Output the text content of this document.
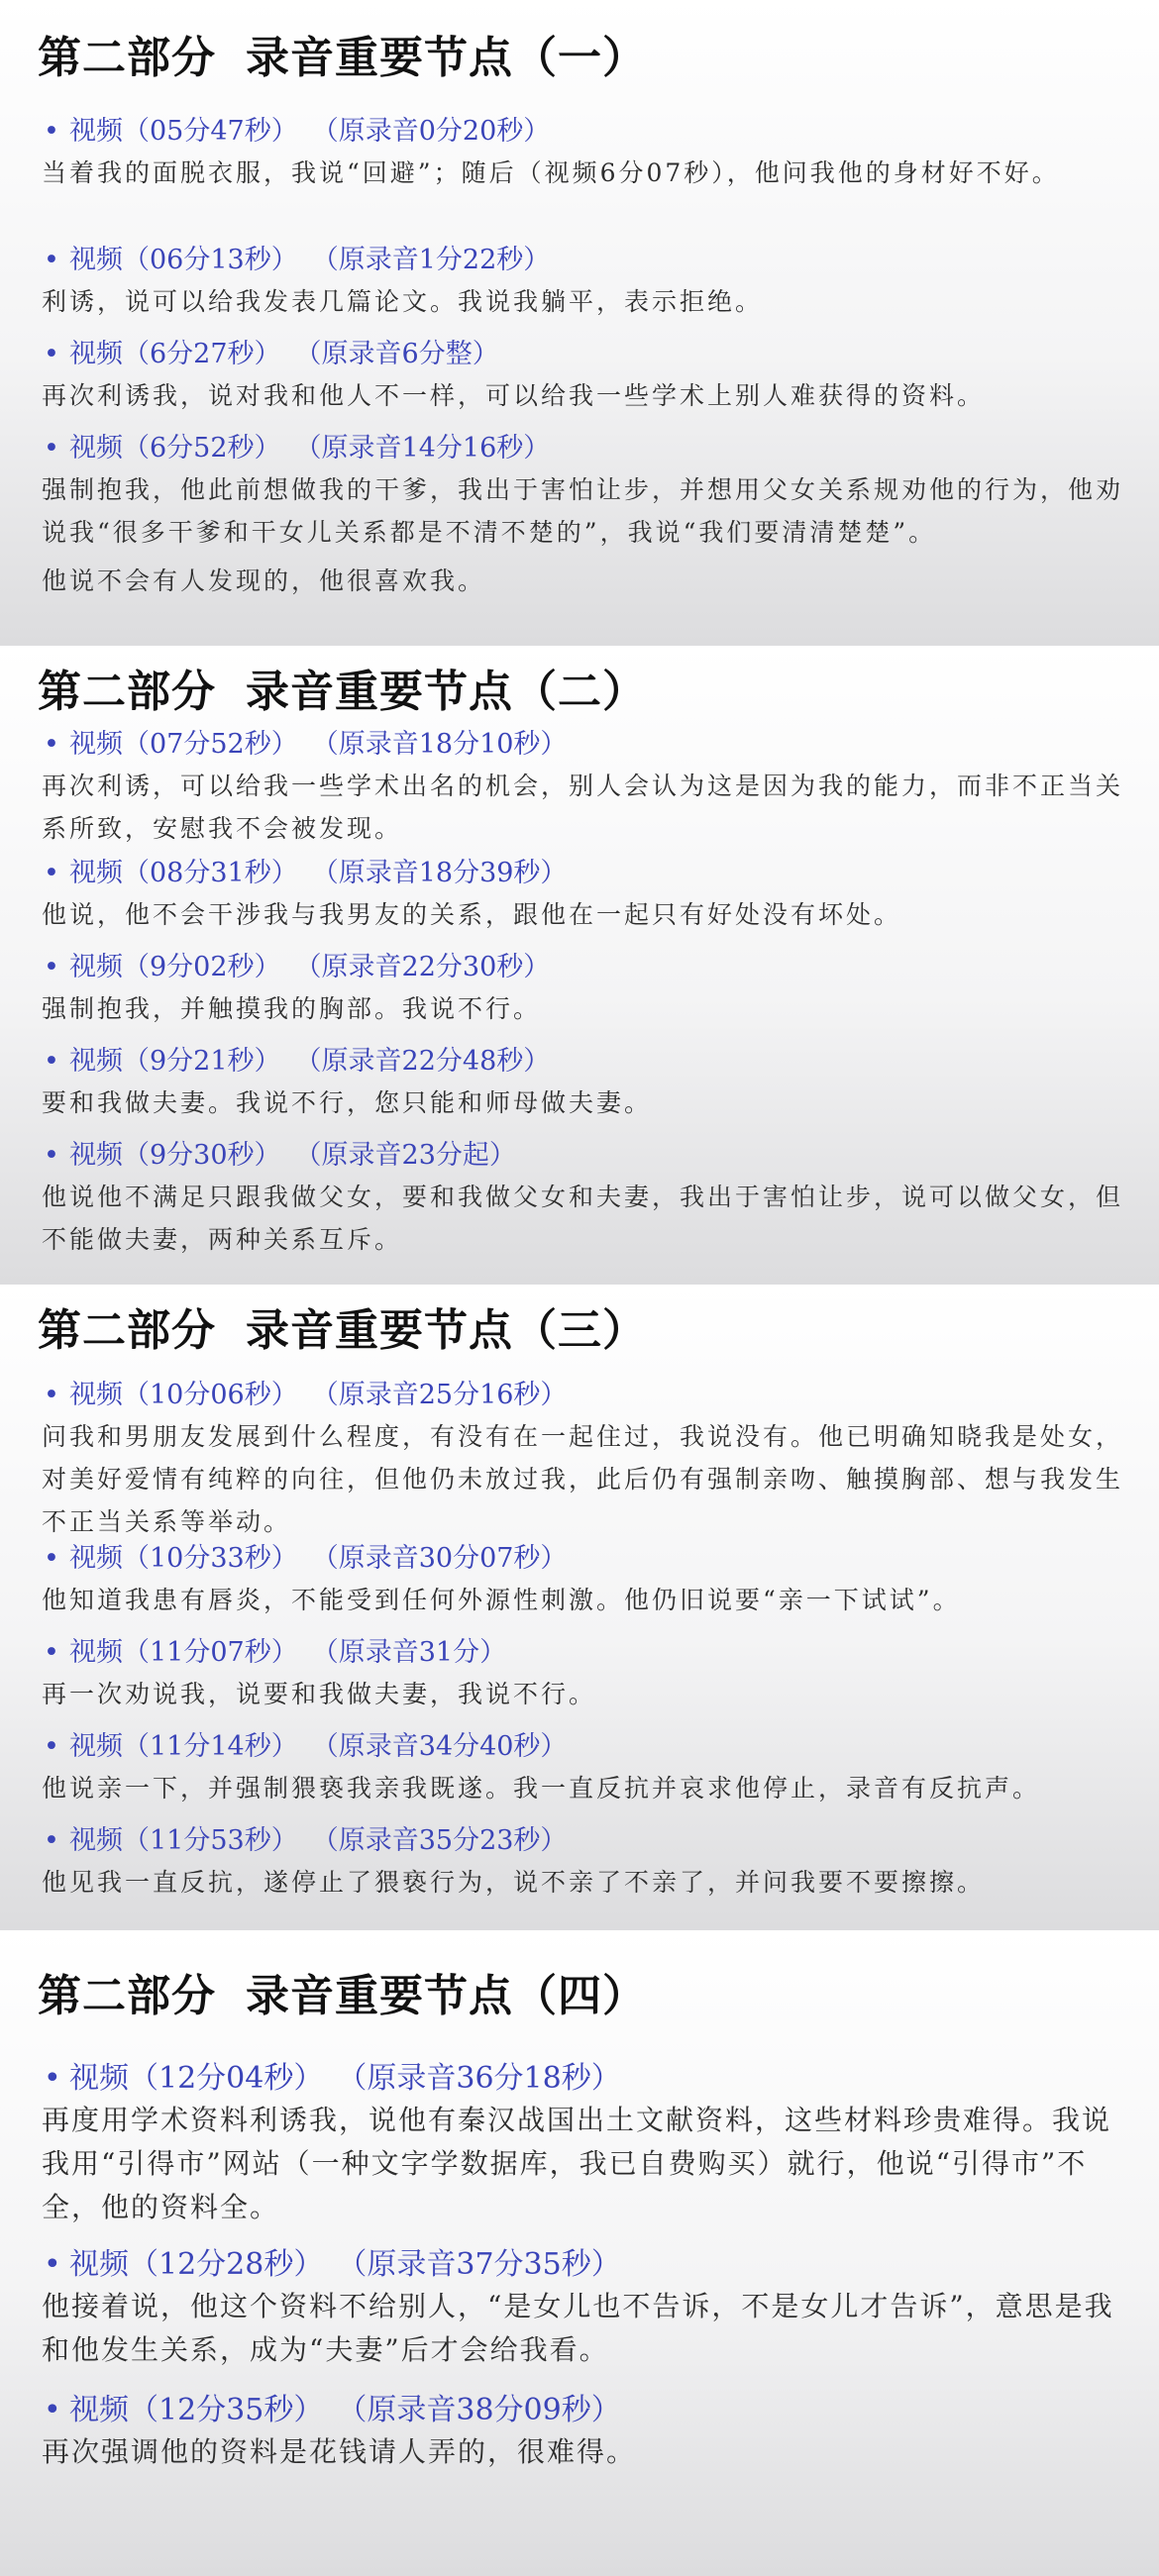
第二部分 录音重要节点（一）
• 视频（05分47秒） （原录音0分20秒）
当着我的面脱衣服，我说“回避”；随后（视频6分07秒），他问我他的身材好不好。
• 视频（06分13秒） （原录音1分22秒）
利诱，说可以给我发表几篇论文。我说我躺平，表示拒绝。
• 视频（6分27秒） （原录音6分整）
再次利诱我，说对我和他人不一样，可以给我一些学术上别人难获得的资料。
• 视频（6分52秒） （原录音14分16秒）
强制抱我，他此前想做我的干爹，我出于害怕让步，并想用父女关系规劝他的行为，他劝说我“很多干爹和干女儿关系都是不清不楚的”，我说“我们要清清楚楚”。
他说不会有人发现的，他很喜欢我。
第二部分 录音重要节点（二）
• 视频（07分52秒） （原录音18分10秒）
再次利诱，可以给我一些学术出名的机会，别人会认为这是因为我的能力，而非不正当关系所致，安慰我不会被发现。
• 视频（08分31秒） （原录音18分39秒）
他说，他不会干涉我与我男友的关系，跟他在一起只有好处没有坏处。
• 视频（9分02秒） （原录音22分30秒）
强制抱我，并触摸我的胸部。我说不行。
• 视频（9分21秒） （原录音22分48秒）
要和我做夫妻。我说不行，您只能和师母做夫妻。
• 视频（9分30秒） （原录音23分起）
他说他不满足只跟我做父女，要和我做父女和夫妻，我出于害怕让步，说可以做父女，但不能做夫妻，两种关系互斥。
第二部分 录音重要节点（三）
• 视频（10分06秒） （原录音25分16秒）
问我和男朋友发展到什么程度，有没有在一起住过，我说没有。他已明确知晓我是处女，对美好爱情有纯粹的向往，但他仍未放过我，此后仍有强制亲吻、触摸胸部、想与我发生不正当关系等举动。
• 视频（10分33秒） （原录音30分07秒）
他知道我患有唇炎，不能受到任何外源性刺激。他仍旧说要“亲一下试试”。
• 视频（11分07秒） （原录音31分）
再一次劝说我，说要和我做夫妻，我说不行。
• 视频（11分14秒） （原录音34分40秒）
他说亲一下，并强制猥亵我亲我既遂。我一直反抗并哀求他停止，录音有反抗声。
• 视频（11分53秒） （原录音35分23秒）
他见我一直反抗，遂停止了猥亵行为，说不亲了不亲了，并问我要不要擦擦。
第二部分 录音重要节点（四）
• 视频（12分04秒） （原录音36分18秒）
再度用学术资料利诱我，说他有秦汉战国出土文献资料，这些材料珍贵难得。我说我用“引得市”网站（一种文字学数据库，我已自费购买）就行，他说“引得市”不全，他的资料全。
• 视频（12分28秒） （原录音37分35秒）
他接着说，他这个资料不给别人，“是女儿也不告诉，不是女儿才告诉”，意思是我和他发生关系，成为“夫妻”后才会给我看。
• 视频（12分35秒） （原录音38分09秒）
再次强调他的资料是花钱请人弄的，很难得。
